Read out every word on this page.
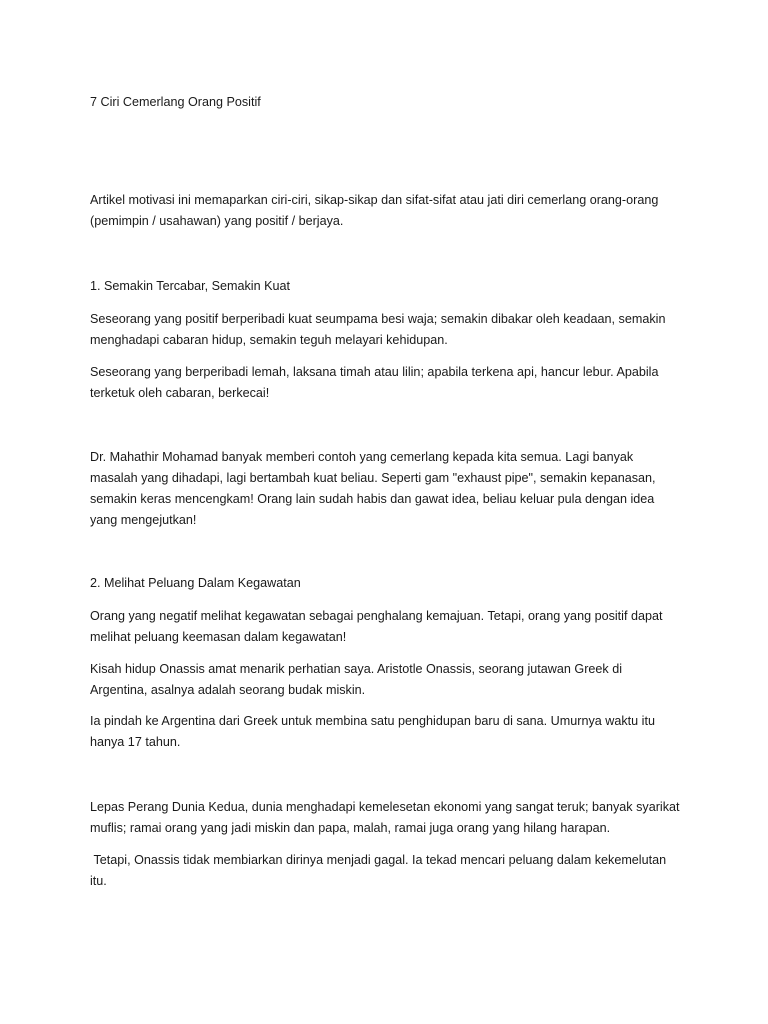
7 Ciri Cemerlang Orang Positif

Artikel motivasi ini memaparkan ciri-ciri, sikap-sikap dan sifat-sifat atau jati diri cemerlang orang-orang (pemimpin / usahawan) yang positif / berjaya.

1. Semakin Tercabar, Semakin Kuat

Seseorang yang positif berperibadi kuat seumpama besi waja; semakin dibakar oleh keadaan, semakin menghadapi cabaran hidup, semakin teguh melayari kehidupan.

Seseorang yang berperibadi lemah, laksana timah atau lilin; apabila terkena api, hancur lebur. Apabila terketuk oleh cabaran, berkecai!

Dr. Mahathir Mohamad banyak memberi contoh yang cemerlang kepada kita semua. Lagi banyak masalah yang dihadapi, lagi bertambah kuat beliau. Seperti gam "exhaust pipe", semakin kepanasan, semakin keras mencengkam! Orang lain sudah habis dan gawat idea, beliau keluar pula dengan idea yang mengejutkan!

2. Melihat Peluang Dalam Kegawatan

Orang yang negatif melihat kegawatan sebagai penghalang kemajuan. Tetapi, orang yang positif dapat melihat peluang keemasan dalam kegawatan!

Kisah hidup Onassis amat menarik perhatian saya. Aristotle Onassis, seorang jutawan Greek di Argentina, asalnya adalah seorang budak miskin.

Ia pindah ke Argentina dari Greek untuk membina satu penghidupan baru di sana. Umurnya waktu itu hanya 17 tahun.

Lepas Perang Dunia Kedua, dunia menghadapi kemelesetan ekonomi yang sangat teruk; banyak syarikat muflis; ramai orang yang jadi miskin dan papa, malah, ramai juga orang yang hilang harapan.

Tetapi, Onassis tidak membiarkan dirinya menjadi gagal. Ia tekad mencari peluang dalam kekemelutan itu.
